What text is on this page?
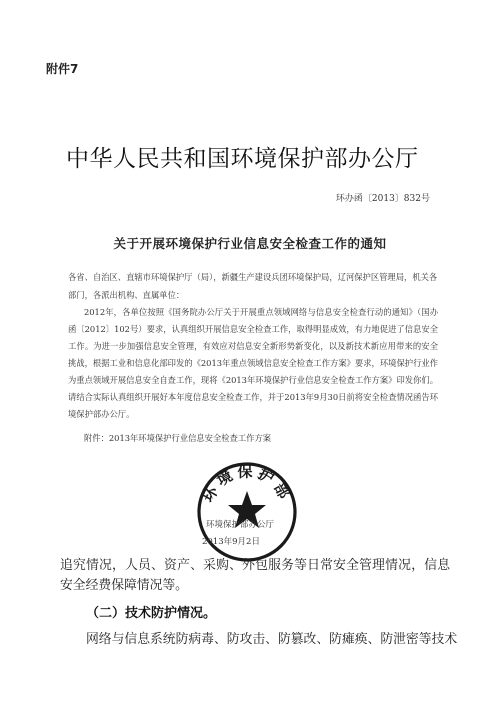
附件7
中华人民共和国环境保护部办公厅
环办函〔2013〕832号
关于开展环境保护行业信息安全检查工作的通知
各省、自治区、直辖市环境保护厅（局），新疆生产建设兵团环境保护局，辽河保护区管理局，机关各部门，各派出机构、直属单位：

2012年，各单位按照《国务院办公厅关于开展重点领域网络与信息安全检查行动的通知》（国办函〔2012〕102号）要求，认真组织开展信息安全检查工作，取得明显成效，有力地促进了信息安全工作。为进一步加强信息安全管理，有效应对信息安全新形势新变化，以及新技术新应用带来的安全挑战，根据工业和信息化部印发的《2013年重点领域信息安全检查工作方案》要求，环境保护行业作为重点领域开展信息安全自查工作，现将《2013年环境保护行业信息安全检查工作方案》印发你们。请结合实际认真组织开展好本年度信息安全检查工作，并于2013年9月30日前将安全检查情况函告环境保护部办公厅。

附件：2013年环境保护行业信息安全检查工作方案
环境保护部
环境保护部办公厅
2013年9月2日

追究情况，人员、资产、采购、外包服务等日常安全管理情况，信息安全经费保障情况等。

（二）技术防护情况。
网络与信息系统防病毒、防攻击、防篡改、防瘫痪、防泄密等技术
